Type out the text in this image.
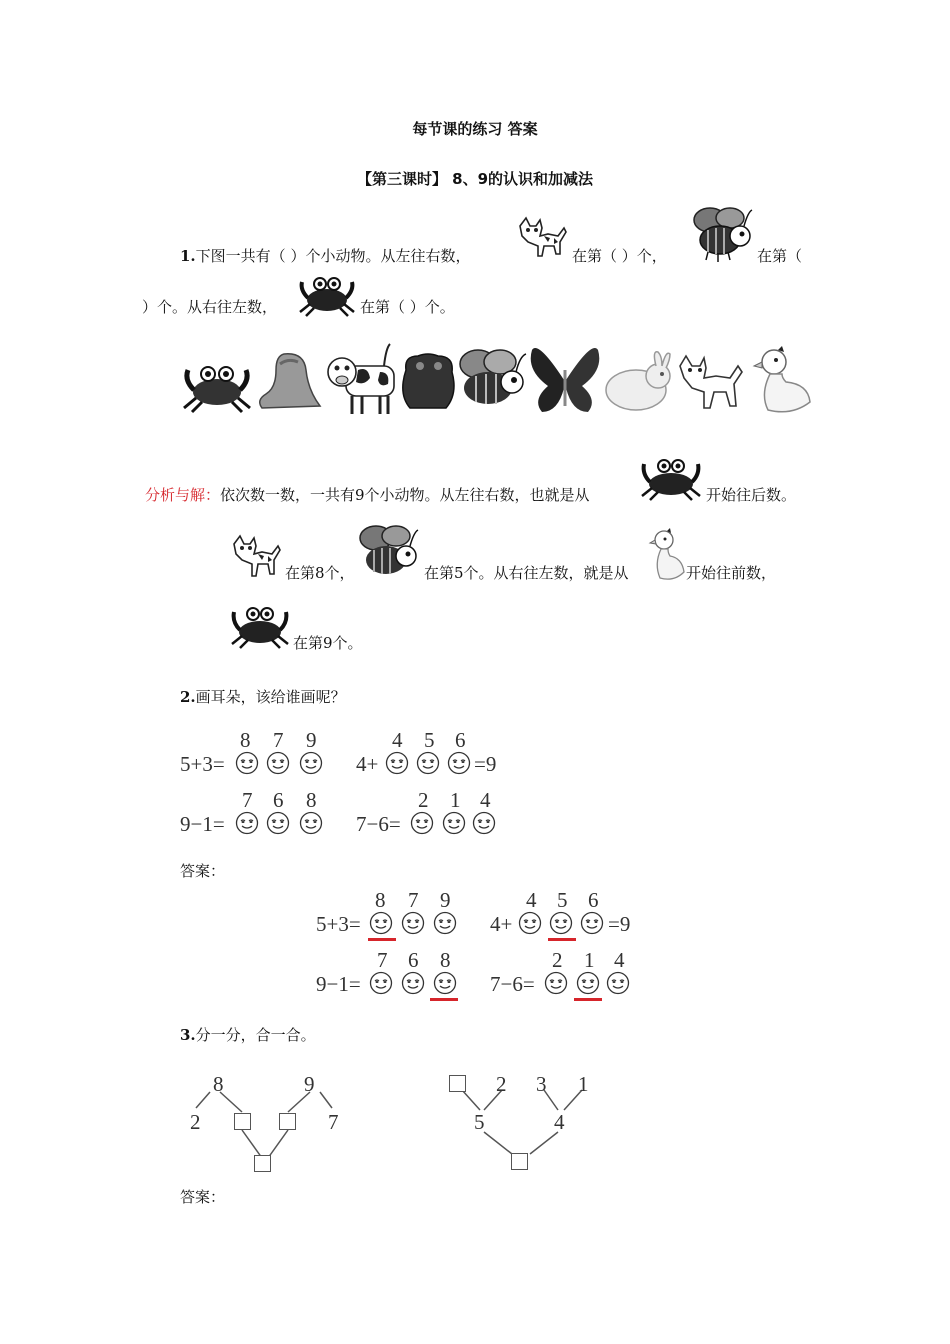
每节课的练习 答案
【第三课时】 8、9的认识和加减法
1.下图一共有（ ）个小动物。从左往右数，	在第（ ）个，	在第（
）个。从右往左数，	在第（ ）个。
分析与解：依次数一数，一共有9个小动物。从左往右数，也就是从	开始往后数。
在第8个，	在第5个。从右往左数，就是从	开始往前数，
在第9个。
2.画耳朵，该给谁画呢？
5+3=
8 7 9
4+
4 5 6
=9
9−1=
7 6 8
7−6=
2 1 4
答案：
5+3=
8 7 9
4+
4 5 6
=9
9−1=
7 6 8
7−6=
2 1 4
3.分一分，合一合。
8	9
2	7
2 3 1
5	4
答案：
